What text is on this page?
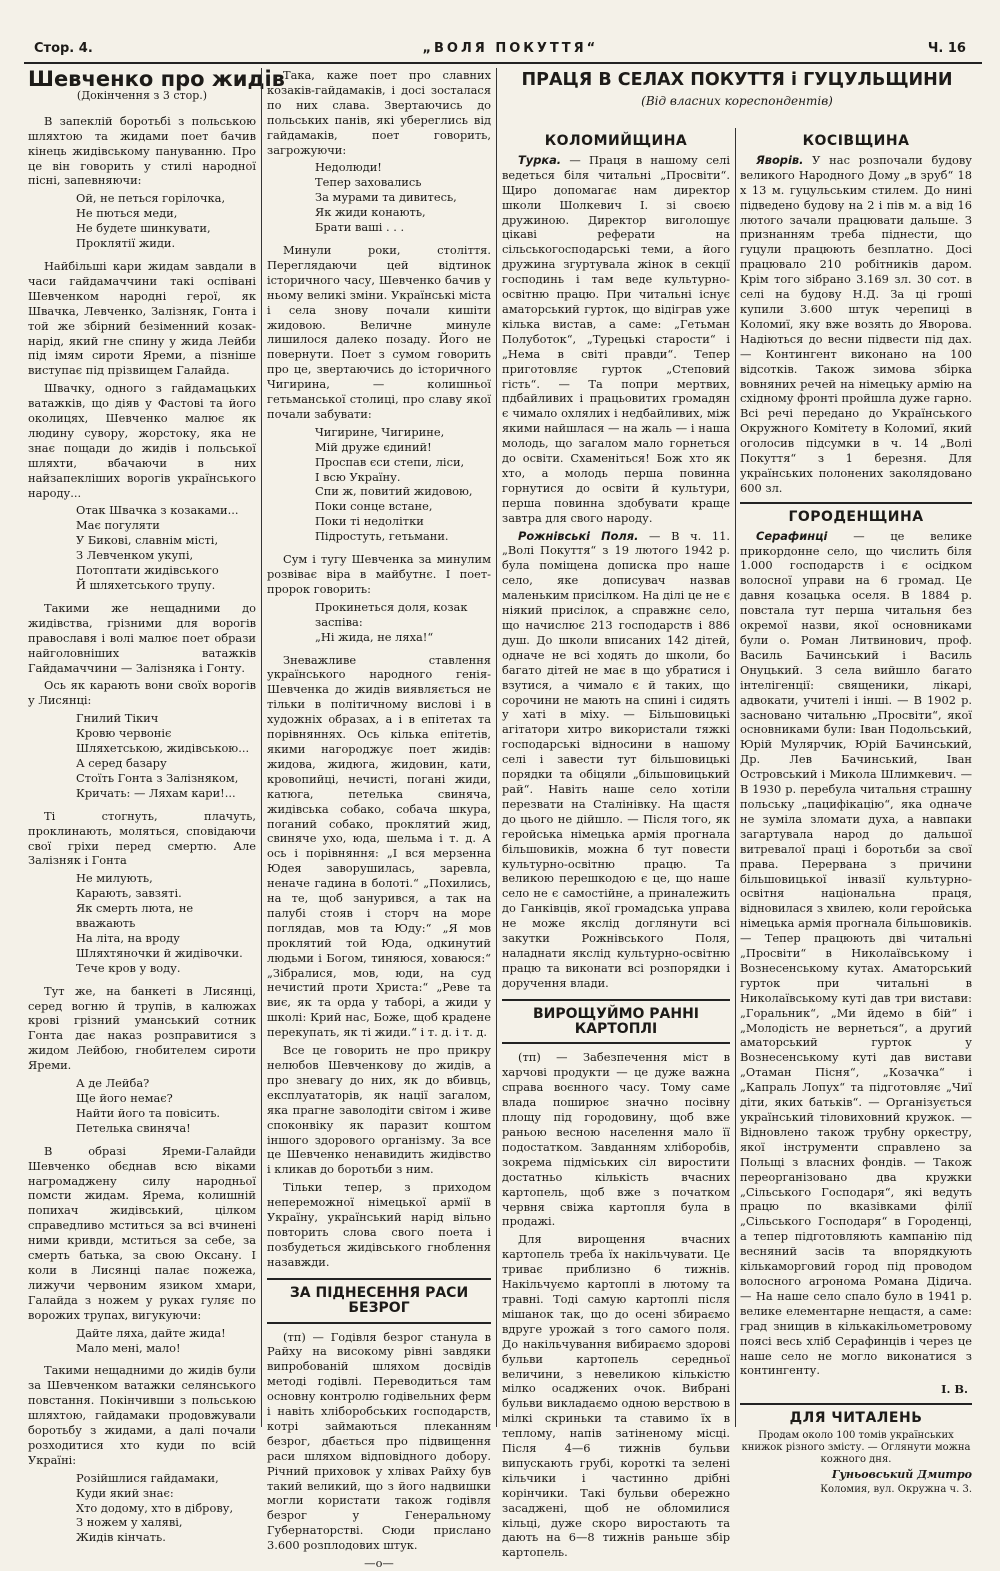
Стор. 4.	„ВОЛЯ ПОКУТТЯ“	Ч. 16
Шевченко про жидів
(Докінчення з 3 стор.)

В запеклій боротьбі з польською шляхтою та жидами поет бачив кінець жидівському пануванню. Про це він говорить у стилі народної пісні, запевняючи:

Ой, не петься горілочка,
Не пються меди,
Не будете шинкувати,
Проклятії жиди.

Найбільші кари жидам завдали в часи гайдамаччини такі оспівані Шевченком народні герої, як Швачка, Левченко, Залізняк, Гонта і той же збірний безіменний козак-нарід, який гне спину у жида Лейби під імям сироти Яреми, а пізніше виступає під прізвищем Галайда.

Швачку, одного з гайдамацьких ватажків, що діяв у Фастові та його околицях, Шевченко малює як людину сувору, жорстоку, яка не знає пощади до жидів і польської шляхти, вбачаючи в них найзапекліших ворогів українського народу...

Отак Швачка з козаками...
Має погуляти
У Бикові, славнім місті,
З Левченком укупі,
Потоптати жидівського
Й шляхетського трупу.

Такими же нещадними до жидівства, грізними для ворогів православя і волі малює поет образи найголовніших ватажків Гайдамаччини — Залізняка і Гонту.

Ось як карають вони своїх ворогів у Лисянці:

Гнилий Тікич
Кровю червоніє
Шляхетською, жидівською...
А серед базару
Стоїть Гонта з Залізняком,
Кричать: — Ляхам кари!...

Ті стогнуть, плачуть, проклинають, моляться, сповідаючи свої гріхи перед смертю. Але Залізняк і Гонта

Не милують,
Карають, завзяті.
Як смерть люта, не вважають
На літа, на вроду
Шляхтяночки й жидівочки.
Тече кров у воду.

Тут же, на банкеті в Лисянці, серед вогню й трупів, в калюжах крові грізний уманський сотник Гонта дає наказ розправитися з жидом Лейбою, гнобителем сироти Яреми.

А де Лейба?
Ще його немає?
Найти його та повісить.
Петелька свиняча!

В образі Яреми-Галайди Шевченко обєднав всю віками нагромаджену силу народньої помсти жидам. Ярема, колишній попихач жидівський, цілком справедливо мститься за всі вчинені ними кривди, мститься за себе, за смерть батька, за свою Оксану. І коли в Лисянці палає пожежа, лижучи червоним язиком хмари, Галайда з ножем у руках гуляє по ворожих трупах, вигукуючи:

Дайте ляха, дайте жида!
Мало мені, мало!

Такими нещадними до жидів були за Шевченком ватажки селянського повстання. Покінчивши з польською шляхтою, гайдамаки продовжували боротьбу з жидами, а далі почали розходитися хто куди по всій Україні:

Розійшлися гайдамаки,
Куди який знає:
Хто додому, хто в діброву,
З ножем у халяві,
Жидів кінчать.

Така, каже поет про славних козаків-гайдамаків, і досі зосталася по них слава. Звертаючись до польських панів, які убереглись від гайдамаків, поет говорить, загрожуючи:

Недолюди!
Тепер заховались
За мурами та дивитесь,
Як жиди конають,
Брати ваші . . .

Минули роки, століття. Переглядаючи цей відтинок історичного часу, Шевченко бачив у ньому великі зміни. Українські міста і села знову почали кишіти жидовою. Величне минуле лишилося далеко позаду. Його не повернути. Поет з сумом говорить про це, звертаючись до історичного Чигирина, — колишньої гетьманської столиці, про славу якої почали забувати:

Чигирине, Чигирине,
Мій друже єдиний!
Проспав єси степи, ліси,
І всю Україну.
Спи ж, повитий жидовою,
Поки сонце встане,
Поки ті недолітки
Підростуть, гетьмани.

Сум і тугу Шевченка за минулим розвіває віра в майбутнє. І поет-пророк говорить:

Прокинеться доля, козак заспіва:
„Ні жида, не ляха!“

Зневажливе ставлення українського народного генія-Шевченка до жидів виявляється не тільки в політичному вислові і в художніх образах, а і в епітетах та порівняннях. Ось кілька епітетів, якими нагороджує поет жидів: жидова, жидюга, жидовин, кати, кровопийці, нечисті, погані жиди, катюга, петелька свиняча, жидівська собако, собача шкура, поганий собако, проклятий жид, свиняче ухо, юда, шельма і т. д. А ось і порівняння: „І вся мерзенна Юдея заворушилась, заревла, неначе гадина в болоті.“ „Похились, на те, щоб занурився, а так на палубі стояв і сторч на море поглядав, мов та Юду:“ „Я мов проклятий той Юда, одкинутий людьми і Богом, тиняюся, ховаюся:“ „Зібралися, мов, юди, на суд нечистий проти Христа:“ „Реве та виє, як та орда у таборі, а жиди у школі: Крий нас, Боже, щоб крадене перекупать, як ті жиди.“ і т. д. і т. д.

Все це говорить не про прикру нелюбов Шевченкову до жидів, а про зневагу до них, як до вбивць, експлуататорів, як нації загалом, яка прагне заволодіти світом і живе споконвіку як паразит коштом іншого здорового організму. За все це Шевченко ненавидить жидівство і кликав до боротьби з ним.

Тільки тепер, з приходом непереможної німецької армії в Україну, український нарід вільно повторить слова свого поета і позбудеться жидівського гноблення назавжди.

ЗА ПІДНЕСЕННЯ РАСИ БЕЗРОГ

(тп) — Годівля безрог станула в Райху на високому рівні завдяки випробованій шляхом досвідів методі годівлі. Переводиться там основну контролю годівельних ферм і навіть хліборобських господарств, котрі займаються плеканням безрог, дбається про підвищення раси шляхом відповідного добору. Річний приховок у хлівах Райху був такий великий, що з його надвишки могли користати також годівля безрог у Генеральному Губернаторстві. Сюди прислано 3.600 розплодових штук.

—о—
ПРАЦЯ В СЕЛАХ ПОКУТТЯ і ГУЦУЛЬЩИНИ
(Від власних кореспондентів)
КОЛОМИЙЩИНА

Турка. — Праця в нашому селі ведеться біля читальні „Просвіти“. Щиро допомагає нам директор школи Шолкевич І. зі своєю дружиною. Директор виголошує цікаві реферати на сільськогосподарські теми, а його дружина згуртувала жінок в секції господинь і там веде культурно-освітню працю. При читальні існує аматорський гурток, що відіграв уже кілька вистав, а саме: „Гетьман Полуботок“, „Турецькі старости“ і „Нема в світі правди“. Тепер приготовляє гурток „Степовий гість“. — Та попри мертвих, пдбайливих і працьовитих громадян є чимало охлялих і недбайливих, між якими найшлася — на жаль — і наша молодь, що загалом мало горнеться до освіти. Схаменіться! Бож хто як хто, а молодь перша повинна горнутися до освіти й культури, перша повинна здобувати краще завтра для свого народу.

Рожнівські Поля. — В ч. 11. „Волі Покуття“ з 19 лютого 1942 р. була поміщена дописка про наше село, яке дописувач назвав маленьким присілком. На ділі це не є ніякий присілок, а справжнє село, що начислює 213 господарств і 886 душ. До школи вписаних 142 дітей, одначе не всі ходять до школи, бо багато дітей не має в що убратися і взутися, а чимало є й таких, що сорочини не мають на спині і сидять у хаті в міху. — Більшовицькі агітатори хитро використали тяжкі господарські відносини в нашому селі і завести тут більшовицькі порядки та обіцяли „більшовицький рай“. Навіть наше село хотіли перезвати на Сталінівку. На щастя до цього не дійшло. — Після того, як геройська німецька армія прогнала більшовиків, можна б тут повести культурно-освітню працю. Та великою перешкодою є це, що наше село не є самостійне, а приналежить до Ганківців, якої громадська управа не може якслід доглянути всі закутки Рожнівського Поля, наладнати якслід культурно-освітню працю та виконати всі розпорядки і доручення влади.

ВИРОЩУЙМО РАННІ КАРТОПЛІ

(тп) — Забезпечення міст в харчові продукти — це дуже важна справа воєнного часу. Тому саме влада поширює значно посівну площу під городовину, щоб вже раньою весною населення мало її подостатком. Завданням хліборобів, зокрема підміських сіл виростити достатньо кількість вчасних картопель, щоб вже з початком червня свіжа картопля була в продажі.

Для вирощення вчасних картопель треба їх накільчувати. Це триває приблизно 6 тижнів. Накільчуємо картоплі в лютому та травні. Тоді самую картоплі після мішанок так, що до осені збираємо вдруге урожай з того самого поля. До накільчування вибираємо здорові бульви картопель середньої величини, з невеликою кількістю мілко осаджених очок. Вибрані бульви викладаємо одною верствою в мілкі скриньки та ставимо їх в теплому, напів затіненому місці. Після 4—6 тижнів бульви випускають грубі, короткі та зелені кільчики і частинно дрібні корінчики. Такі бульви обережно засаджені, щоб не обломилися кільці, дуже скоро виростають та дають на 6—8 тижнів раньше збір картопель.

КОСІВЩИНА

Яворів. У нас розпочали будову великого Народного Дому „в зруб“ 18 х 13 м. гуцульським стилем. До нині підведено будову на 2 і пів м. а від 16 лютого зачали працювати дальше. З признанням треба піднести, що гуцули працюють безплатно. Досі працювало 210 робітників даром. Крім того зібрано 3.169 зл. 30 сот. в селі на будову Н.Д. За ці гроші купили 3.600 штук черепиці в Коломиї, яку вже возять до Яворова. Надіються до весни підвести під дах. — Контингент виконано на 100 відсотків. Також зимова збірка вовняних речей на німецьку армію на східному фронті пройшла дуже гарно. Всі речі передано до Українського Окружного Комітету в Коломиї, який оголосив підсумки в ч. 14 „Волі Покуття“ з 1 березня. Для українських полонених заколядовано 600 зл.

ГОРОДЕНЩИНА

Серафинці — це велике прикордонне село, що числить біля 1.000 господарств і є осідком волосної управи на 6 громад. Це давня козацька оселя. В 1884 р. повстала тут перша читальня без окремої назви, якої основниками були о. Роман Литвинович, проф. Василь Бачинський і Василь Онуцький. З села вийшло багато інтелігенції: священики, лікарі, адвокати, учителі і інші. — В 1902 р. засновано читальню „Просвіти“, якої основниками були: Іван Подольський, Юрій Мулярчик, Юрій Бачинський, Др. Лев Бачинський, Іван Островський і Микола Шлимкевич. — В 1930 р. перебула читальня страшну польську „пацифікацію“, яка одначе не зуміла зломати духа, а навпаки загартувала народ до дальшої витревалої праці і боротьби за свої права. Перервана з причини більшовицької інвазії культурно-освітня національна праця, відновилася з хвилею, коли геройська німецька армія прогнала більшовиків. — Тепер працюють дві читальні „Просвіти“ в Николаївському і Вознесенському кутах. Аматорський гурток при читальні в Николаївському куті дав три вистави: „Горальник“, „Ми йдемо в бій“ і „Молодість не вернеться“, а другий аматорський гурток у Вознесенському куті дав вистави „Отаман Пісня“, „Козачка“ і „Капраль Лопух“ та підготовляє „Чиї діти, яких батьків“. — Організується український тіловиховний кружок. — Відновлено також трубну оркестру, якої інструменти справлено за Польщі з власних фондів. — Також переорганізовано два кружки „Сільського Господаря“, які ведуть працю по вказівками філії „Сільського Господаря“ в Городенці, а тепер підготовляють кампанію під весняний засів та впорядкують кількаморговий город під проводом волосного агронома Романа Дідича. — На наше село спало було в 1941 р. велике елементарне нещастя, а саме: град знищив в кількакільометровому поясі весь хліб Серафинців і через це наше село не могло виконатися з контингенту.

І. В.
ДЛЯ ЧИТАЛЕНЬ
Продам около 100 томів українських книжок різного змісту. — Оглянути можна кожного дня.
Гуньовський Дмитро
Коломия, вул. Окружна ч. 3.
